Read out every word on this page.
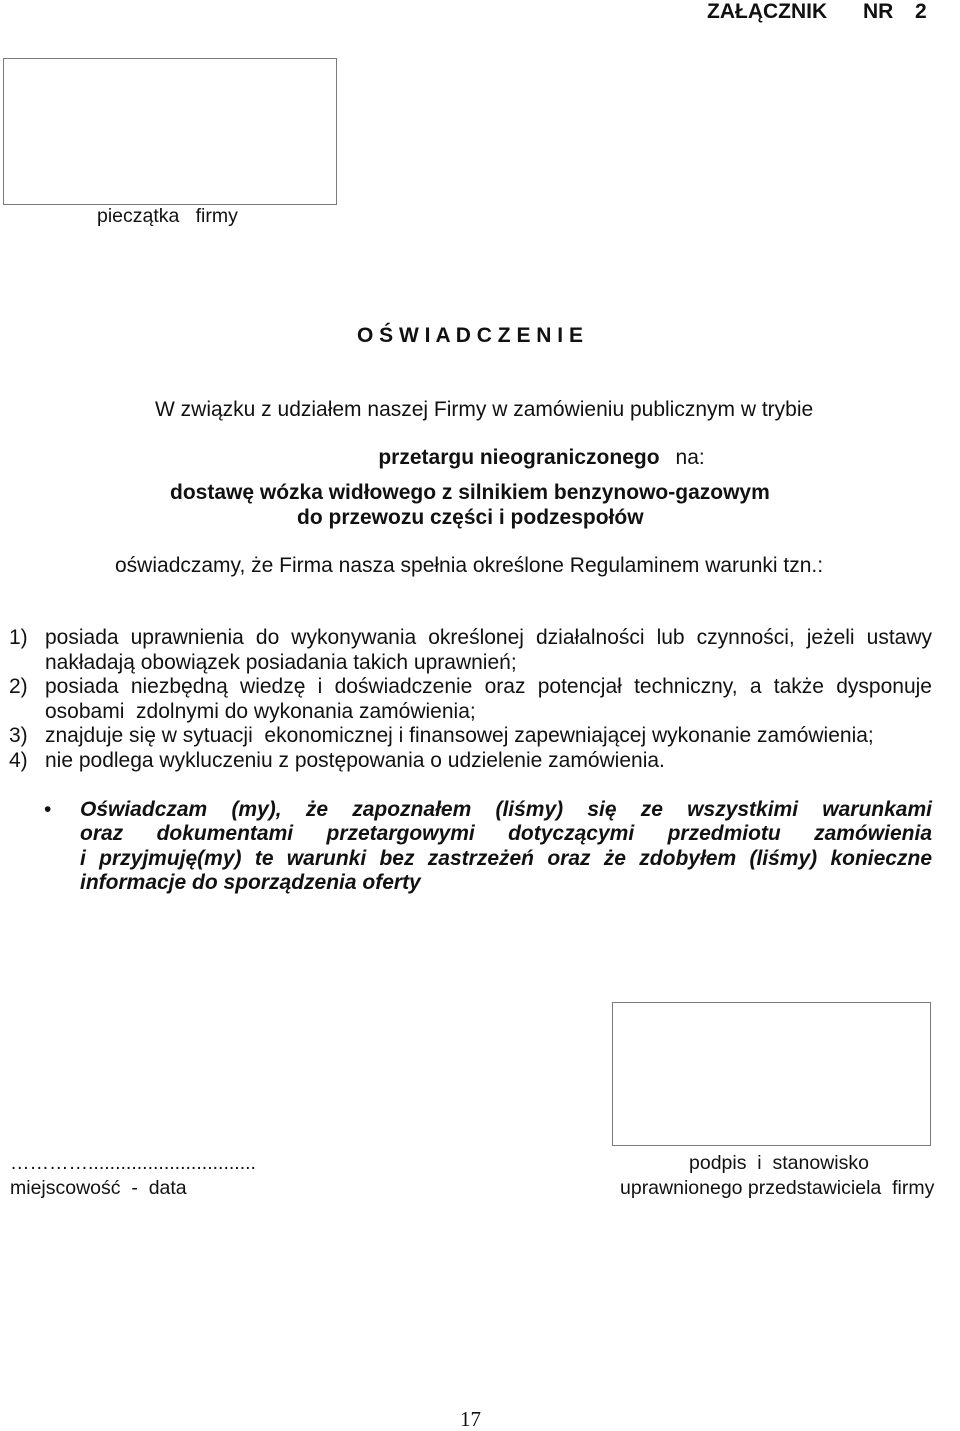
ZAŁĄCZNIK NR 2
pieczątka   firmy
O Ś W I A D C Z E N I E
W związku z udziałem naszej Firmy w zamówieniu publicznym w trybie

przetargu nieograniczonego na:

dostawę wózka widłowego z silnikiem benzynowo-gazowym
do przewozu części i podzespołów
oświadczamy, że Firma nasza spełnia określone Regulaminem warunki tzn.:
1) posiada uprawnienia do wykonywania określonej działalności lub czynności, jeżeli ustawy
nakładają obowiązek posiadania takich uprawnień;
2) posiada niezbędną wiedzę i doświadczenie oraz potencjał techniczny, a także dysponuje
osobami  zdolnymi do wykonania zamówienia;
3) znajduje się w sytuacji  ekonomicznej i finansowej zapewniającej wykonanie zamówienia;
4) nie podlega wykluczeniu z postępowania o udzielenie zamówienia.
•	Oświadczam (my), że zapoznałem (liśmy) się ze wszystkimi warunkami
oraz dokumentami przetargowymi dotyczącymi przedmiotu zamówienia
i przyjmuję(my) te warunki bez zastrzeżeń oraz że zdobyłem (liśmy) konieczne
informacje do sporządzenia oferty
…………...............................
miejscowość  -  data
podpis  i  stanowisko
uprawnionego przedstawiciela  firmy
17
